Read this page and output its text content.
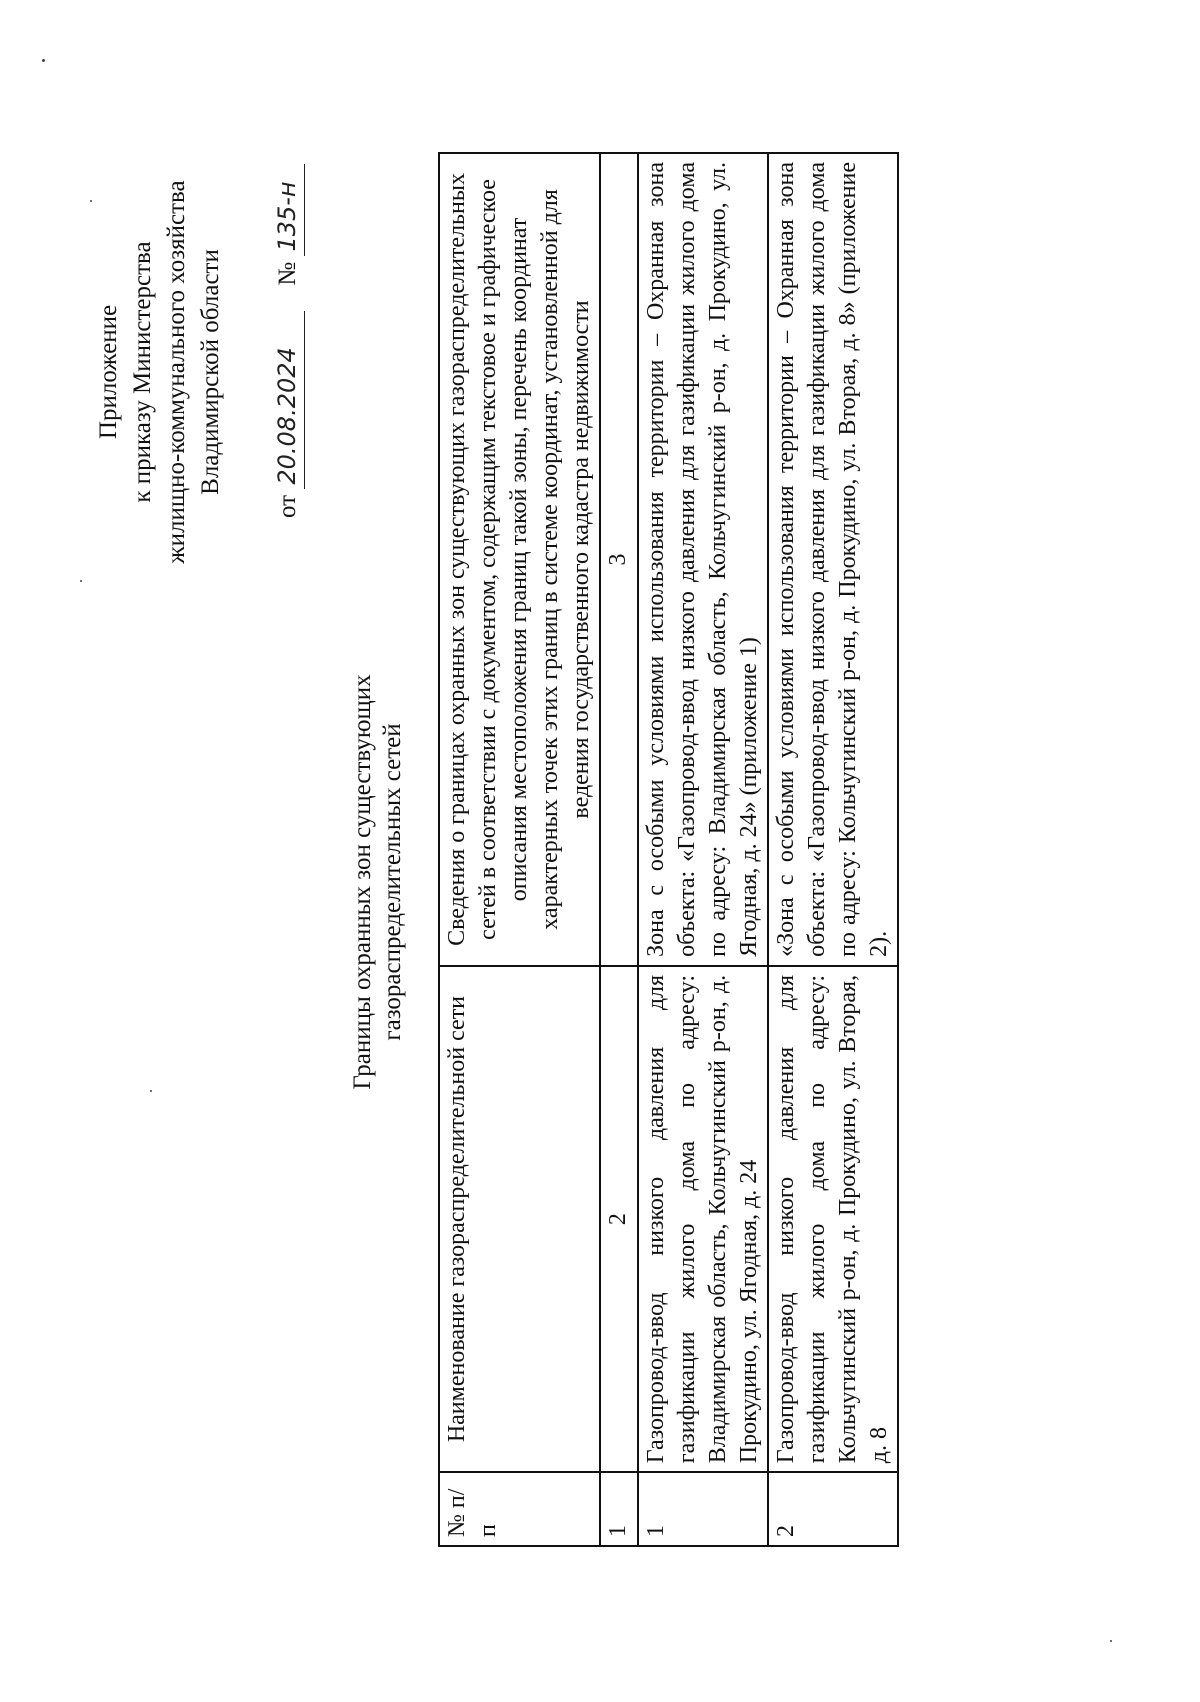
Приложение к приказу Министерства жилищно-коммунального хозяйства Владимирской области
от 20.08.2024    № 135-н
Границы охранных зон существующих газораспределительных сетей
№ п/п	Наименование газораспределительной сети	Сведения о границах охранных зон существующих газораспределительных сетей в соответствии с документом, содержащим текстовое и графическое описания местоположения границ такой зоны, перечень координат характерных точек этих границ в системе координат, установленной для ведения государственного кадастра недвижимости
1	2	3
1	Газопровод-ввод низкого давления для газификации жилого дома по адресу: Владимирская область, Кольчугинский р-он, д. Прокудино, ул. Ягодная, д. 24	Зона с особыми условиями использования территории – Охранная зона объекта: «Газопровод-ввод низкого давления для газификации жилого дома по адресу: Владимирская область, Кольчугинский р-он, д. Прокудино, ул. Ягодная, д. 24» (приложение 1)
2	Газопровод-ввод низкого давления для газификации жилого дома по адресу: Кольчугинский р-он, д. Прокудино, ул. Вторая, д. 8	«Зона с особыми условиями использования территории – Охранная зона объекта: «Газопровод-ввод низкого давления для газификации жилого дома по адресу: Кольчугинский р-он, д. Прокудино, ул. Вторая, д. 8» (приложение 2).
